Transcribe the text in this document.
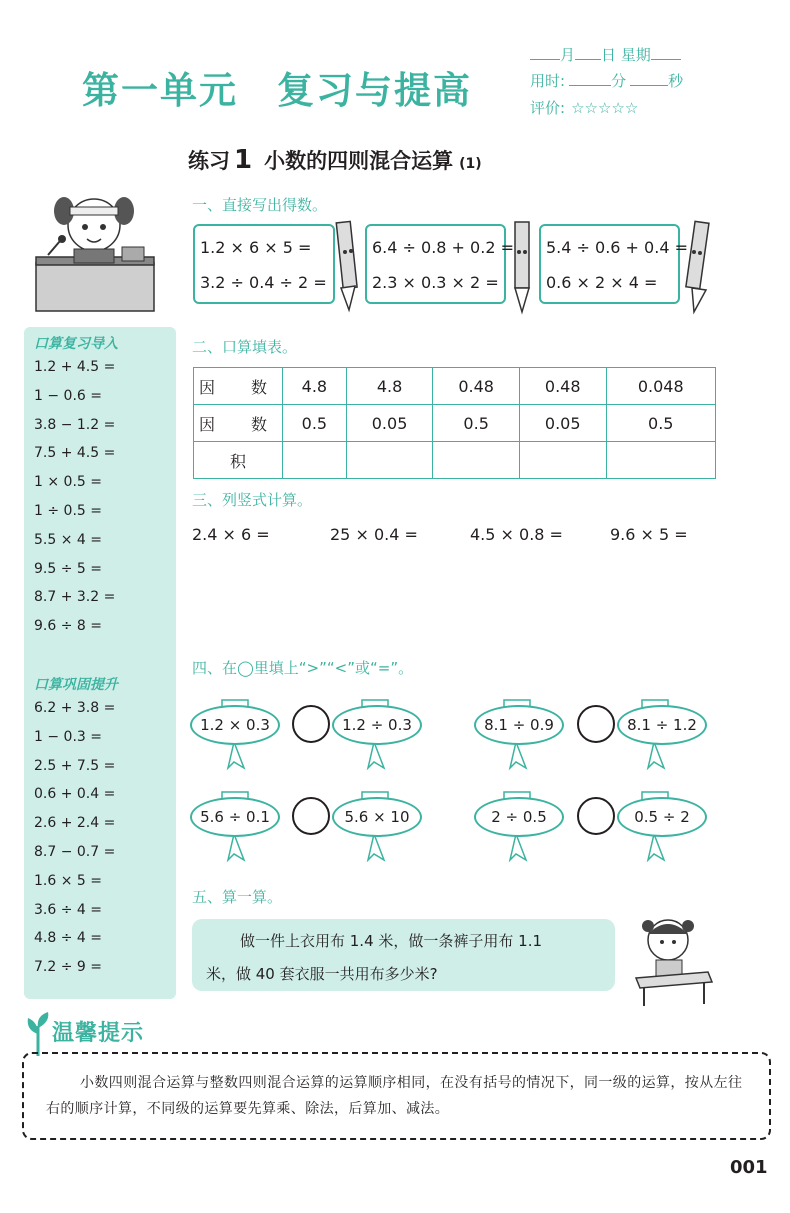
第一单元　复习与提高
月 日 星期
用时:	分	秒
评价: ☆☆☆☆☆
练习 1 小数的四则混合运算 (1)
口算复习导入
1.2 + 4.5 =
1 − 0.6 =
3.8 − 1.2 =
7.5 + 4.5 =
1 × 0.5 =
1 ÷ 0.5 =
5.5 × 4 =
9.5 ÷ 5 =
8.7 + 3.2 =
9.6 ÷ 8 =
口算巩固提升
6.2 + 3.8 =
1 − 0.3 =
2.5 + 7.5 =
0.6 + 0.4 =
2.6 + 2.4 =
8.7 − 0.7 =
1.6 × 5 =
3.6 ÷ 4 =
4.8 ÷ 4 =
7.2 ÷ 9 =
一、直接写出得数。
1.2 × 6 × 5 =
3.2 ÷ 0.4 ÷ 2 =
6.4 ÷ 0.8 + 0.2 =
2.3 × 0.3 × 2 =
5.4 ÷ 0.6 + 0.4 =
0.6 × 2 × 4 =
二、口算填表。
因　数	4.8	4.8	0.48	0.48	0.048
因　数	0.5	0.05	0.5	0.05	0.5
积					
三、列竖式计算。
2.4 × 6 =	25 × 0.4 =	4.5 × 0.8 =	9.6 × 5 =
四、在◯里填上“>”“<”或“=”。
1.2 × 0.3	1.2 ÷ 0.3	8.1 ÷ 0.9	8.1 ÷ 1.2
5.6 ÷ 0.1	5.6 × 10	2 ÷ 0.5	0.5 ÷ 2
五、算一算。
做一件上衣用布 1.4 米，做一条裤子用布 1.1
米，做 40 套衣服一共用布多少米?
温馨提示
小数四则混合运算与整数四则混合运算的运算顺序相同，在没有括号的情况下，同一级的运算，按从左往右的顺序计算，不同级的运算要先算乘、除法，后算加、减法。
001
